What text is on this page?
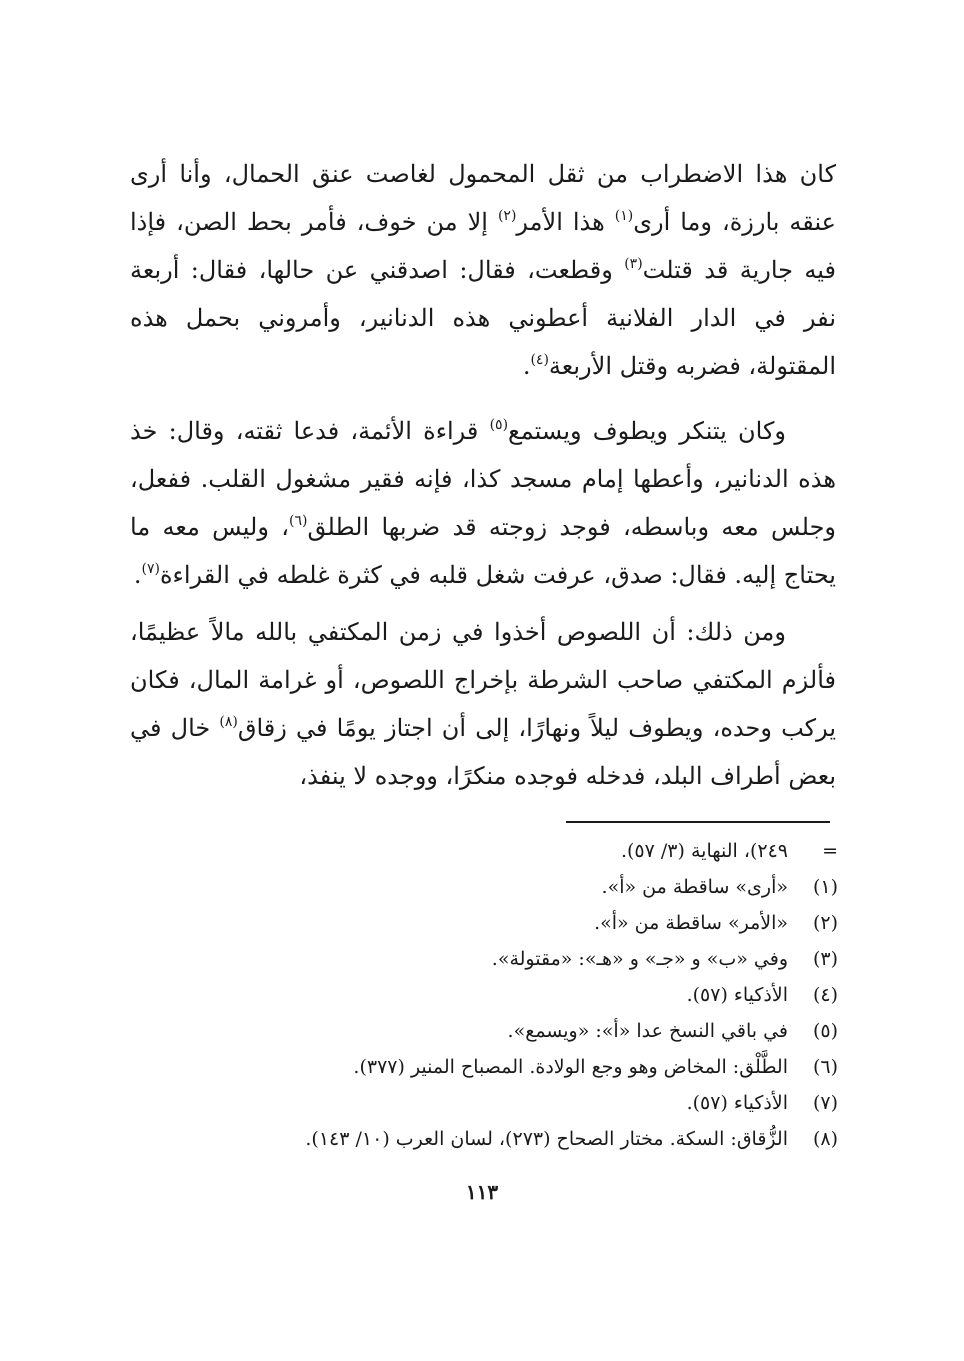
كان هذا الاضطراب من ثقل المحمول لغاصت عنق الحمال، وأنا أرى عنقه بارزة، وما أرى$^{(١)}$ هذا الأمر$^{(٢)}$ إلا من خوف، فأمر بحط الصن، فإذا فيه جارية قد قتلت$^{(٣)}$ وقطعت، فقال: اصدقني عن حالها، فقال: أربعة نفر في الدار الفلانية أعطوني هذه الدنانير، وأمروني بحمل هذه المقتولة، فضربه وقتل الأربعة$^{(٤)}$.
وكان يتنكر ويطوف ويستمع$^{(٥)}$ قراءة الأئمة، فدعا ثقته، وقال: خذ هذه الدنانير، وأعطها إمام مسجد كذا، فإنه فقير مشغول القلب. ففعل، وجلس معه وباسطه، فوجد زوجته قد ضربها الطلق$^{(٦)}$، وليس معه ما يحتاج إليه. فقال: صدق، عرفت شغل قلبه في كثرة غلطه في القراءة$^{(٧)}$.
ومن ذلك: أن اللصوص أخذوا في زمن المكتفي بالله مالاً عظيمًا، فألزم المكتفي صاحب الشرطة بإخراج اللصوص، أو غرامة المال، فكان يركب وحده، ويطوف ليلاً ونهارًا، إلى أن اجتاز يومًا في زقاق$^{(٨)}$ خال في بعض أطراف البلد، فدخله فوجده منكرًا، ووجده لا ينفذ،
=
٢٤٩)، النهاية (٣/ ٥٧).
(١)
«أرى» ساقطة من «أ».
(٢)
«الأمر» ساقطة من «أ».
(٣)
وفي «ب» و «جـ» و «هـ»: «مقتولة».
(٤)
الأذكياء (٥٧).
(٥)
في باقي النسخ عدا «أ»: «ويسمع».
(٦)
الطَّلْق: المخاض وهو وجع الولادة. المصباح المنير (٣٧٧).
(٧)
الأذكياء (٥٧).
(٨)
الزُّقاق: السكة. مختار الصحاح (٢٧٣)، لسان العرب (١٠/ ١٤٣).
١١٣
